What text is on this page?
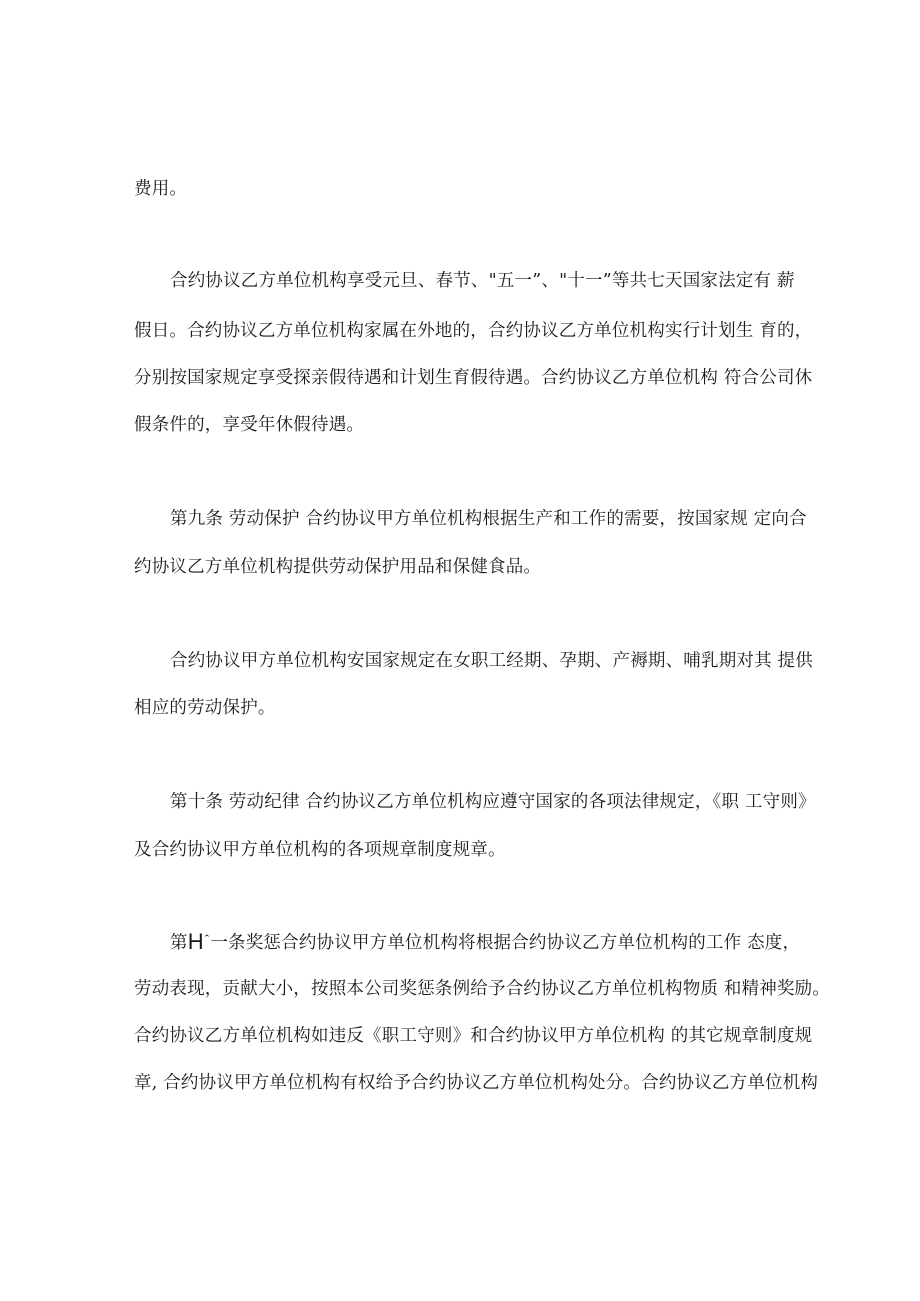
费用。
合约协议乙方单位机构享受元旦、春节、"五一”、"十一”等共七天国家法定有 薪
假日。合约协议乙方单位机构家属在外地的，合约协议乙方单位机构实行计划生 育的，
分别按国家规定享受探亲假待遇和计划生育假待遇。合约协议乙方单位机构 符合公司休
假条件的，享受年休假待遇。
第九条 劳动保护 合约协议甲方单位机构根据生产和工作的需要，按国家规 定向合
约协议乙方单位机构提供劳动保护用品和保健食品。
合约协议甲方单位机构安国家规定在女职工经期、孕期、产褥期、哺乳期对其 提供
相应的劳动保护。
第十条 劳动纪律 合约协议乙方单位机构应遵守国家的各项法律规定，《职 工守则》
及合约协议甲方单位机构的各项规章制度规章。
第$H^ˆ$一条奖惩合约协议甲方单位机构将根据合约协议乙方单位机构的工作 态度，
劳动表现，贡献大小，按照本公司奖惩条例给予合约协议乙方单位机构物质 和精神奖励。
合约协议乙方单位机构如违反《职工守则》和合约协议甲方单位机构 的其它规章制度规
章, 合约协议甲方单位机构有权给予合约协议乙方单位机构处分。合约协议乙方单位机构
